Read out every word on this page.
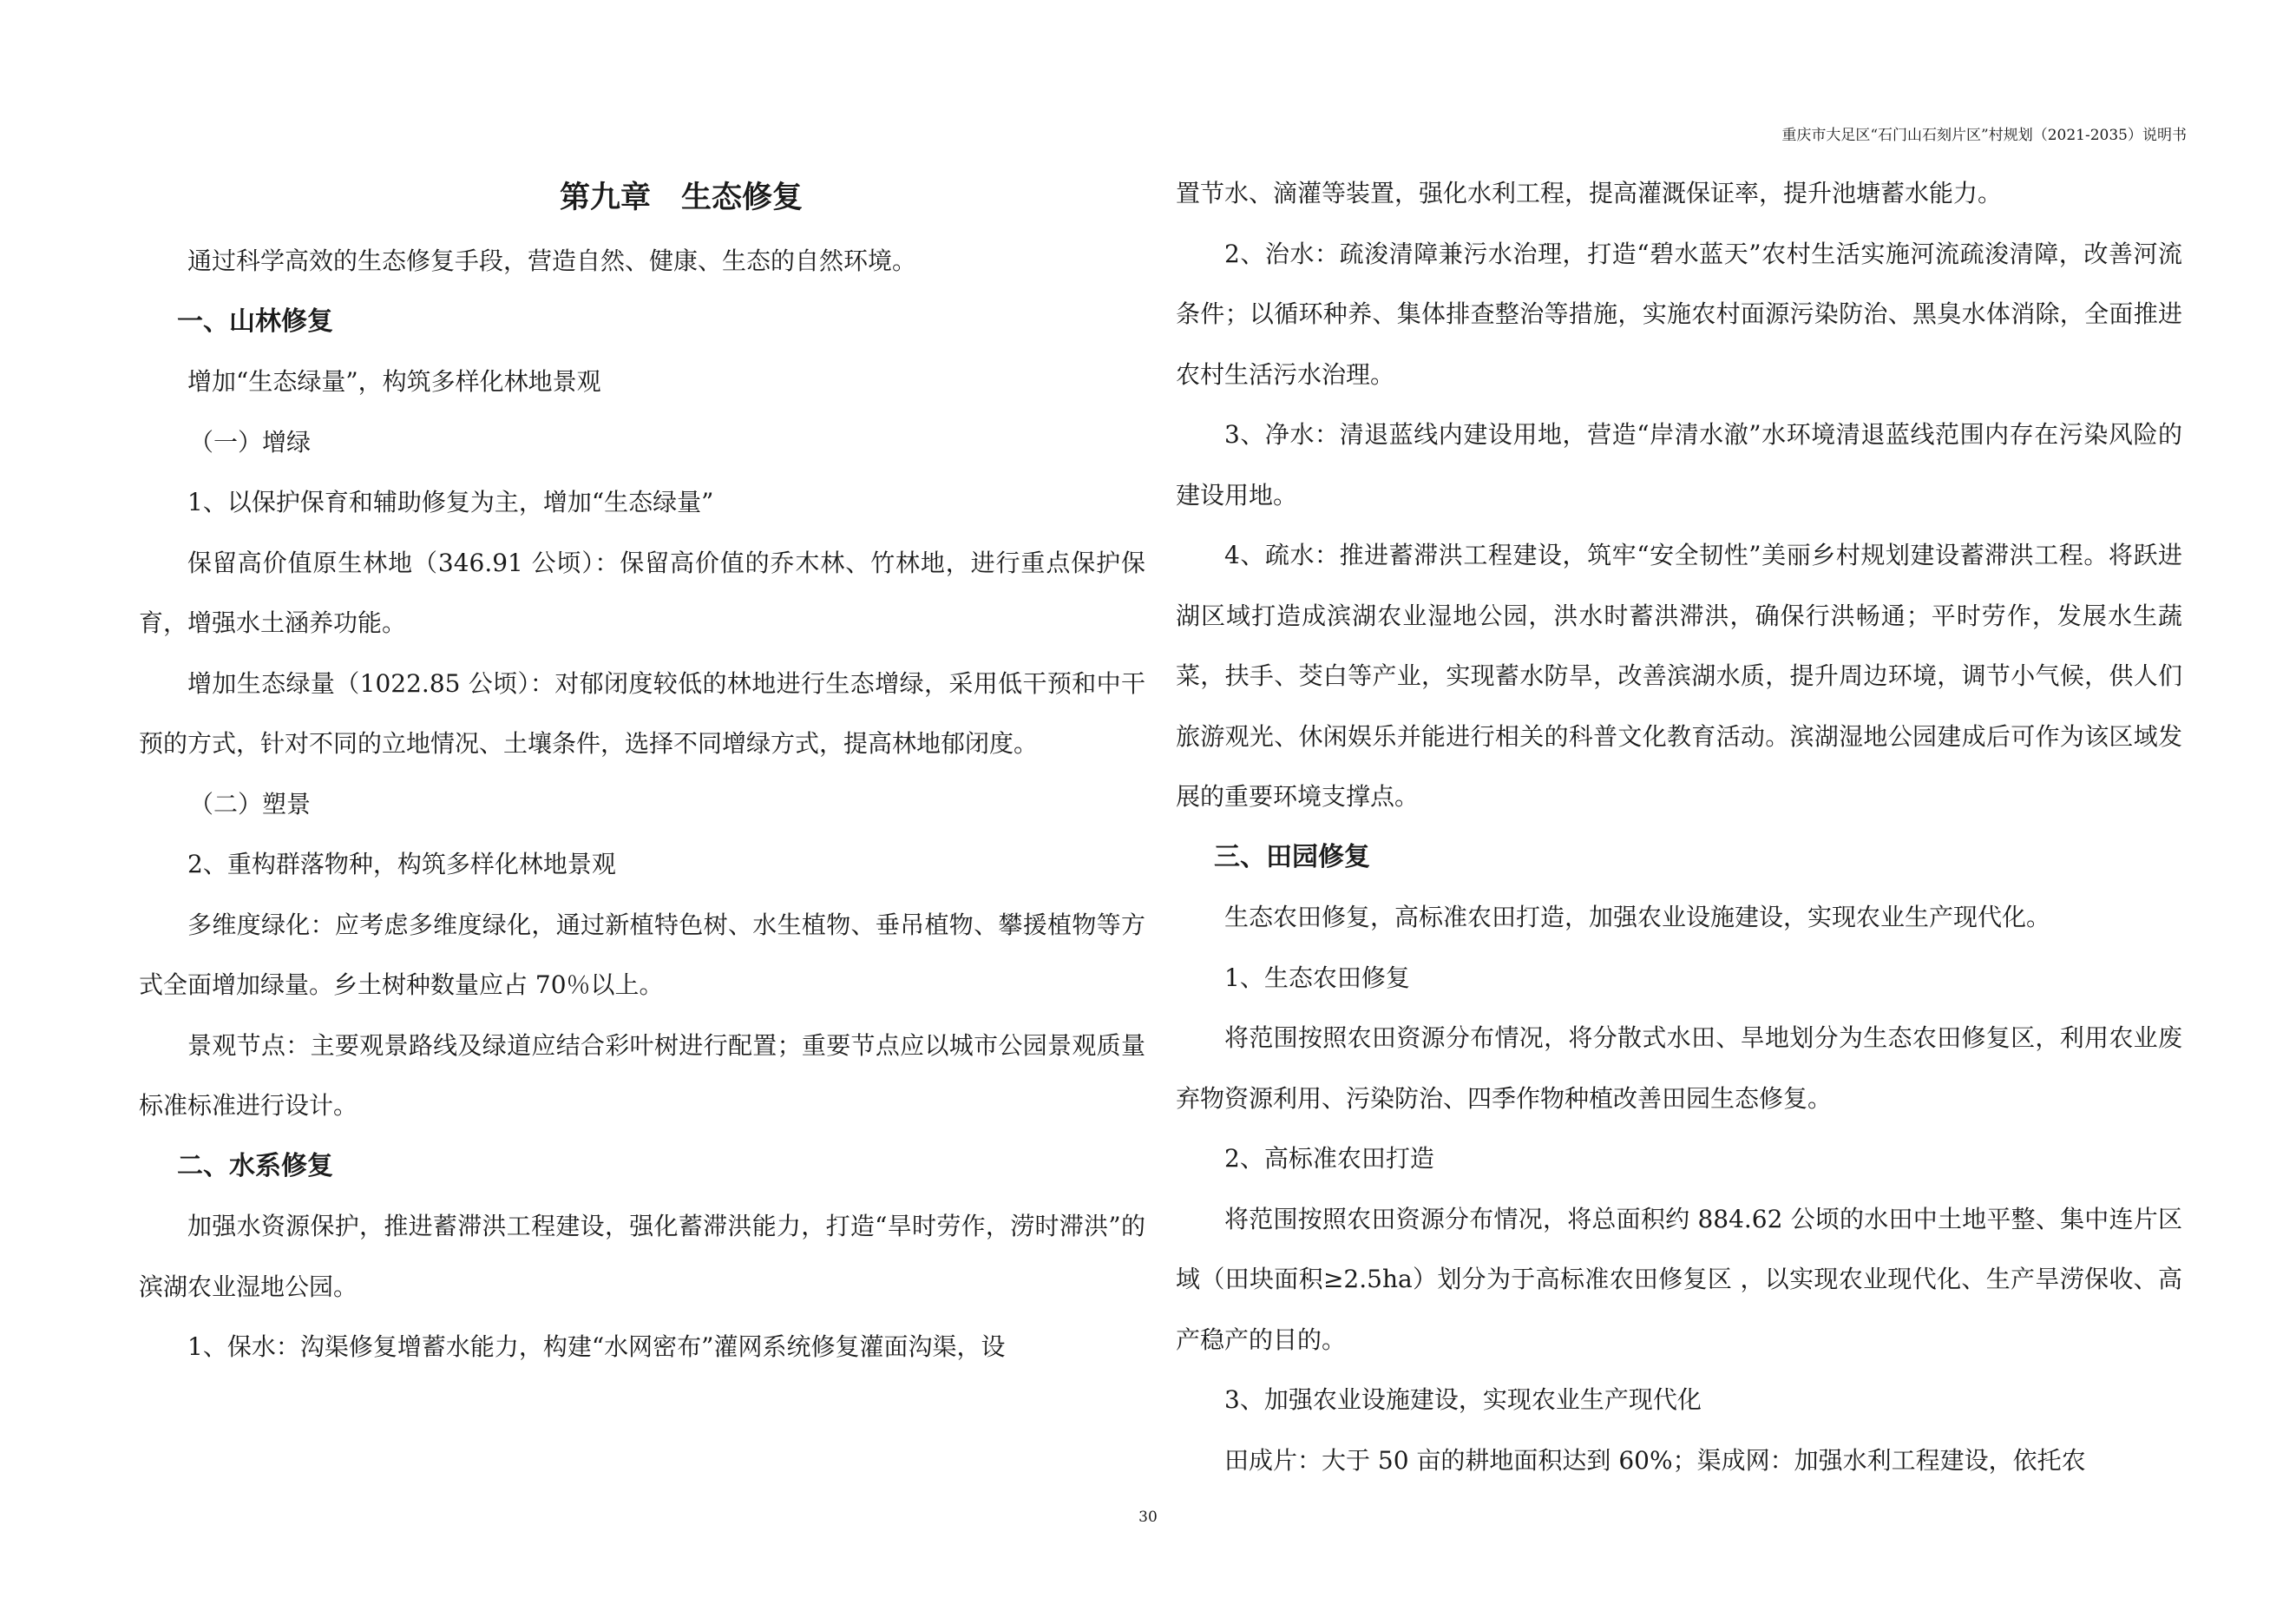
重庆市大足区“石门山石刻片区”村规划（2021-2035）说明书
第九章　生态修复

通过科学高效的生态修复手段，营造自然、健康、生态的自然环境。

一、山林修复

增加“生态绿量”，构筑多样化林地景观

（一）增绿

1、以保护保育和辅助修复为主，增加“生态绿量”

保留高价值原生林地（346.91 公顷）：保留高价值的乔木林、竹林地，进行重点保护保育，增强水土涵养功能。

增加生态绿量（1022.85 公顷）：对郁闭度较低的林地进行生态增绿，采用低干预和中干预的方式，针对不同的立地情况、土壤条件，选择不同增绿方式，提高林地郁闭度。

（二）塑景

2、重构群落物种，构筑多样化林地景观

多维度绿化：应考虑多维度绿化，通过新植特色树、水生植物、垂吊植物、攀援植物等方式全面增加绿量。乡土树种数量应占 70％以上。

景观节点：主要观景路线及绿道应结合彩叶树进行配置；重要节点应以城市公园景观质量标准标准进行设计。

二、水系修复

加强水资源保护，推进蓄滞洪工程建设，强化蓄滞洪能力，打造“旱时劳作，涝时滞洪”的滨湖农业湿地公园。

1、保水：沟渠修复增蓄水能力，构建“水网密布”灌网系统修复灌面沟渠，设

置节水、滴灌等装置，强化水利工程，提高灌溉保证率，提升池塘蓄水能力。

2、治水：疏浚清障兼污水治理，打造“碧水蓝天”农村生活实施河流疏浚清障，改善河流条件；以循环种养、集体排查整治等措施，实施农村面源污染防治、黑臭水体消除，全面推进农村生活污水治理。

3、净水：清退蓝线内建设用地，营造“岸清水澈”水环境清退蓝线范围内存在污染风险的建设用地。

4、疏水：推进蓄滞洪工程建设，筑牢“安全韧性”美丽乡村规划建设蓄滞洪工程。将跃进湖区域打造成滨湖农业湿地公园，洪水时蓄洪滞洪，确保行洪畅通；平时劳作，发展水生蔬菜，扶手、茭白等产业，实现蓄水防旱，改善滨湖水质，提升周边环境，调节小气候，供人们旅游观光、休闲娱乐并能进行相关的科普文化教育活动。滨湖湿地公园建成后可作为该区域发展的重要环境支撑点。

三、田园修复

生态农田修复，高标准农田打造，加强农业设施建设，实现农业生产现代化。

1、生态农田修复

将范围按照农田资源分布情况，将分散式水田、旱地划分为生态农田修复区，利用农业废弃物资源利用、污染防治、四季作物种植改善田园生态修复。

2、高标准农田打造

将范围按照农田资源分布情况，将总面积约 884.62 公顷的水田中土地平整、集中连片区域（田块面积≥2.5ha）划分为于高标准农田修复区 ，以实现农业现代化、生产旱涝保收、高产稳产的目的。

3、加强农业设施建设，实现农业生产现代化

田成片：大于 50 亩的耕地面积达到 60%；渠成网：加强水利工程建设，依托农

30
